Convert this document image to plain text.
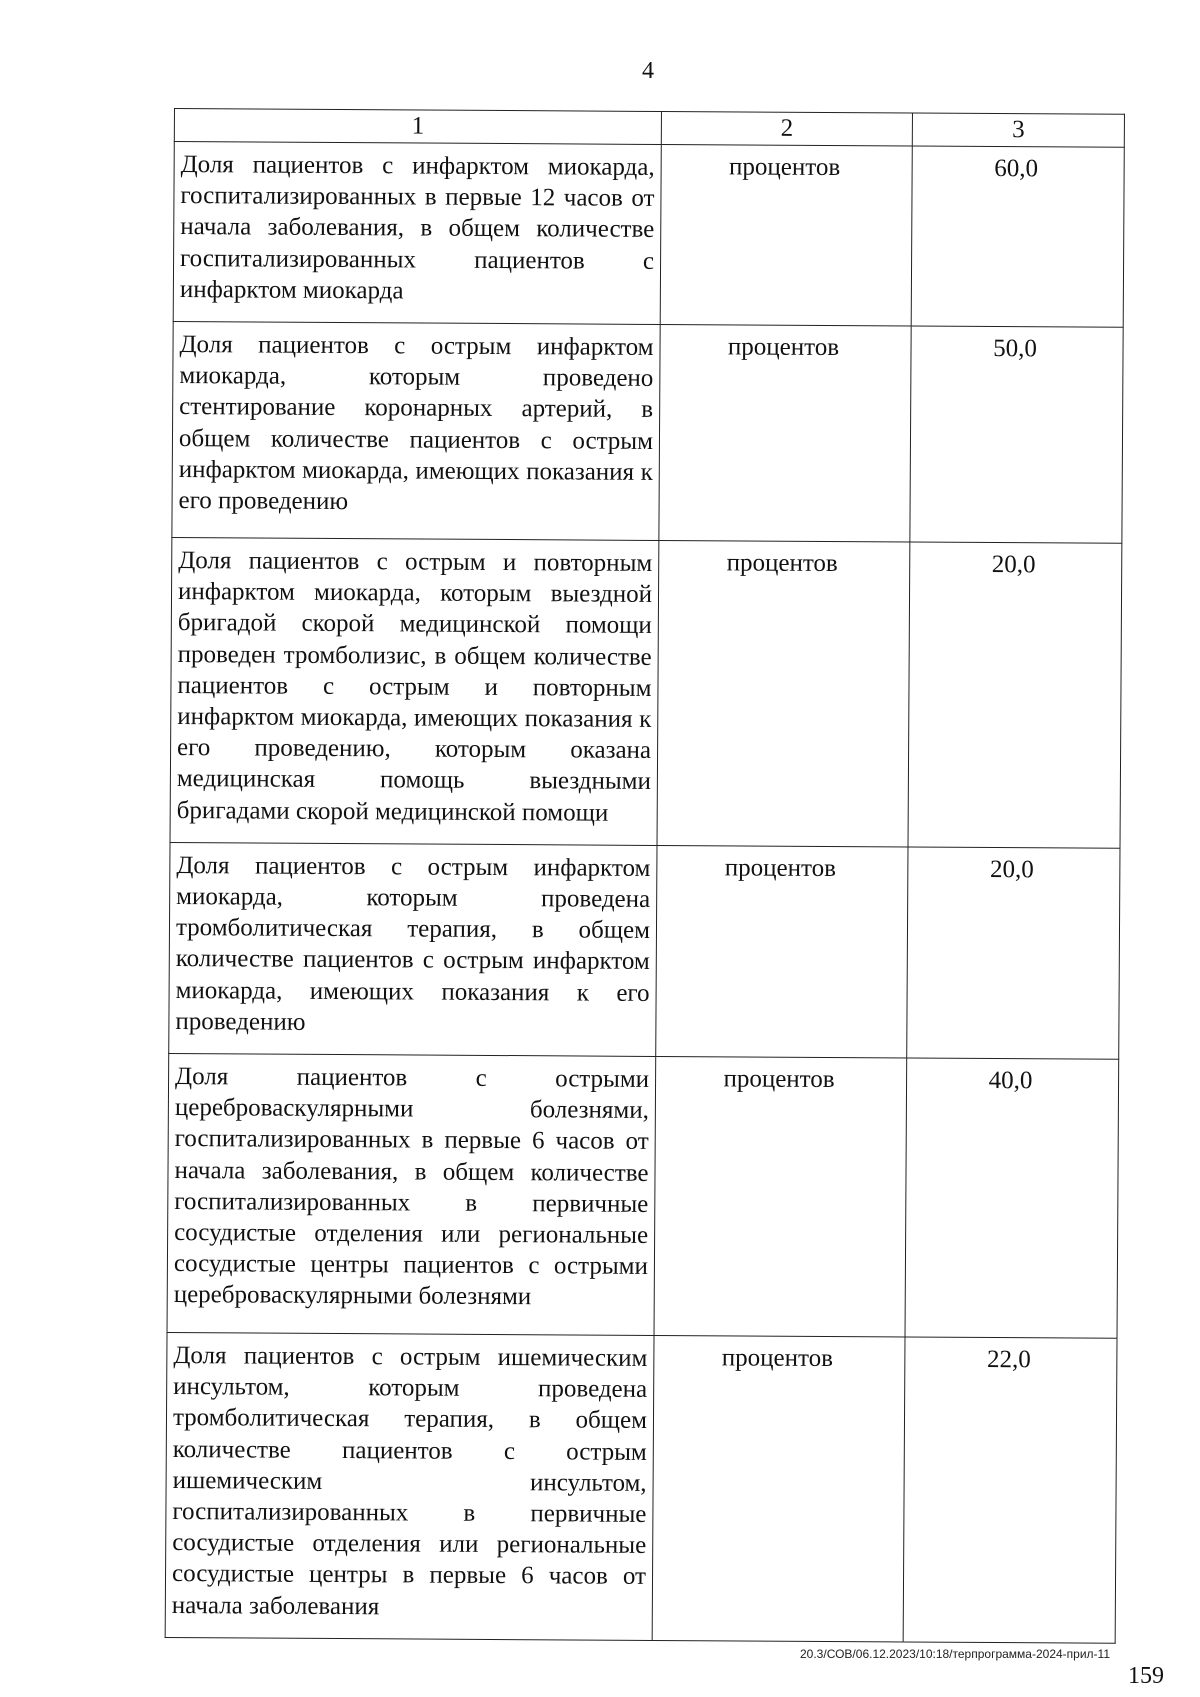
4
1	2	3
Доля пациентов с инфарктом миокарда, госпитализированных в первые 12 часов от начала заболевания, в общем количестве госпитализированных пациентов с инфарктом миокарда	процентов	60,0
Доля пациентов с острым инфарктом миокарда, которым проведено стентирование коронарных артерий, в общем количестве пациентов с острым инфарктом миокарда, имеющих показания к его проведению	процентов	50,0
Доля пациентов с острым и повторным инфарктом миокарда, которым выездной бригадой скорой медицинской помощи проведен тромболизис, в общем количестве пациентов с острым и повторным инфарктом миокарда, имеющих показания к его проведению, которым оказана медицинская помощь выездными бригадами скорой медицинской помощи	процентов	20,0
Доля пациентов с острым инфарктом миокарда, которым проведена тромболитическая терапия, в общем количестве пациентов с острым инфарктом миокарда, имеющих показания к его проведению	процентов	20,0
Доля пациентов с острыми цереброваскулярными болезнями, госпитализированных в первые 6 часов от начала заболевания, в общем количестве госпитализированных в первичные сосудистые отделения или региональные сосудистые центры пациентов с острыми цереброваскулярными болезнями	процентов	40,0
Доля пациентов с острым ишемическим инсультом, которым проведена тромболитическая терапия, в общем количестве пациентов с острым ишемическим инсультом, госпитализированных в первичные сосудистые отделения или региональные сосудистые центры в первые 6 часов от начала заболевания	процентов	22,0
20.3/СОВ/06.12.2023/10:18/терпрограмма-2024-прил-11
159
